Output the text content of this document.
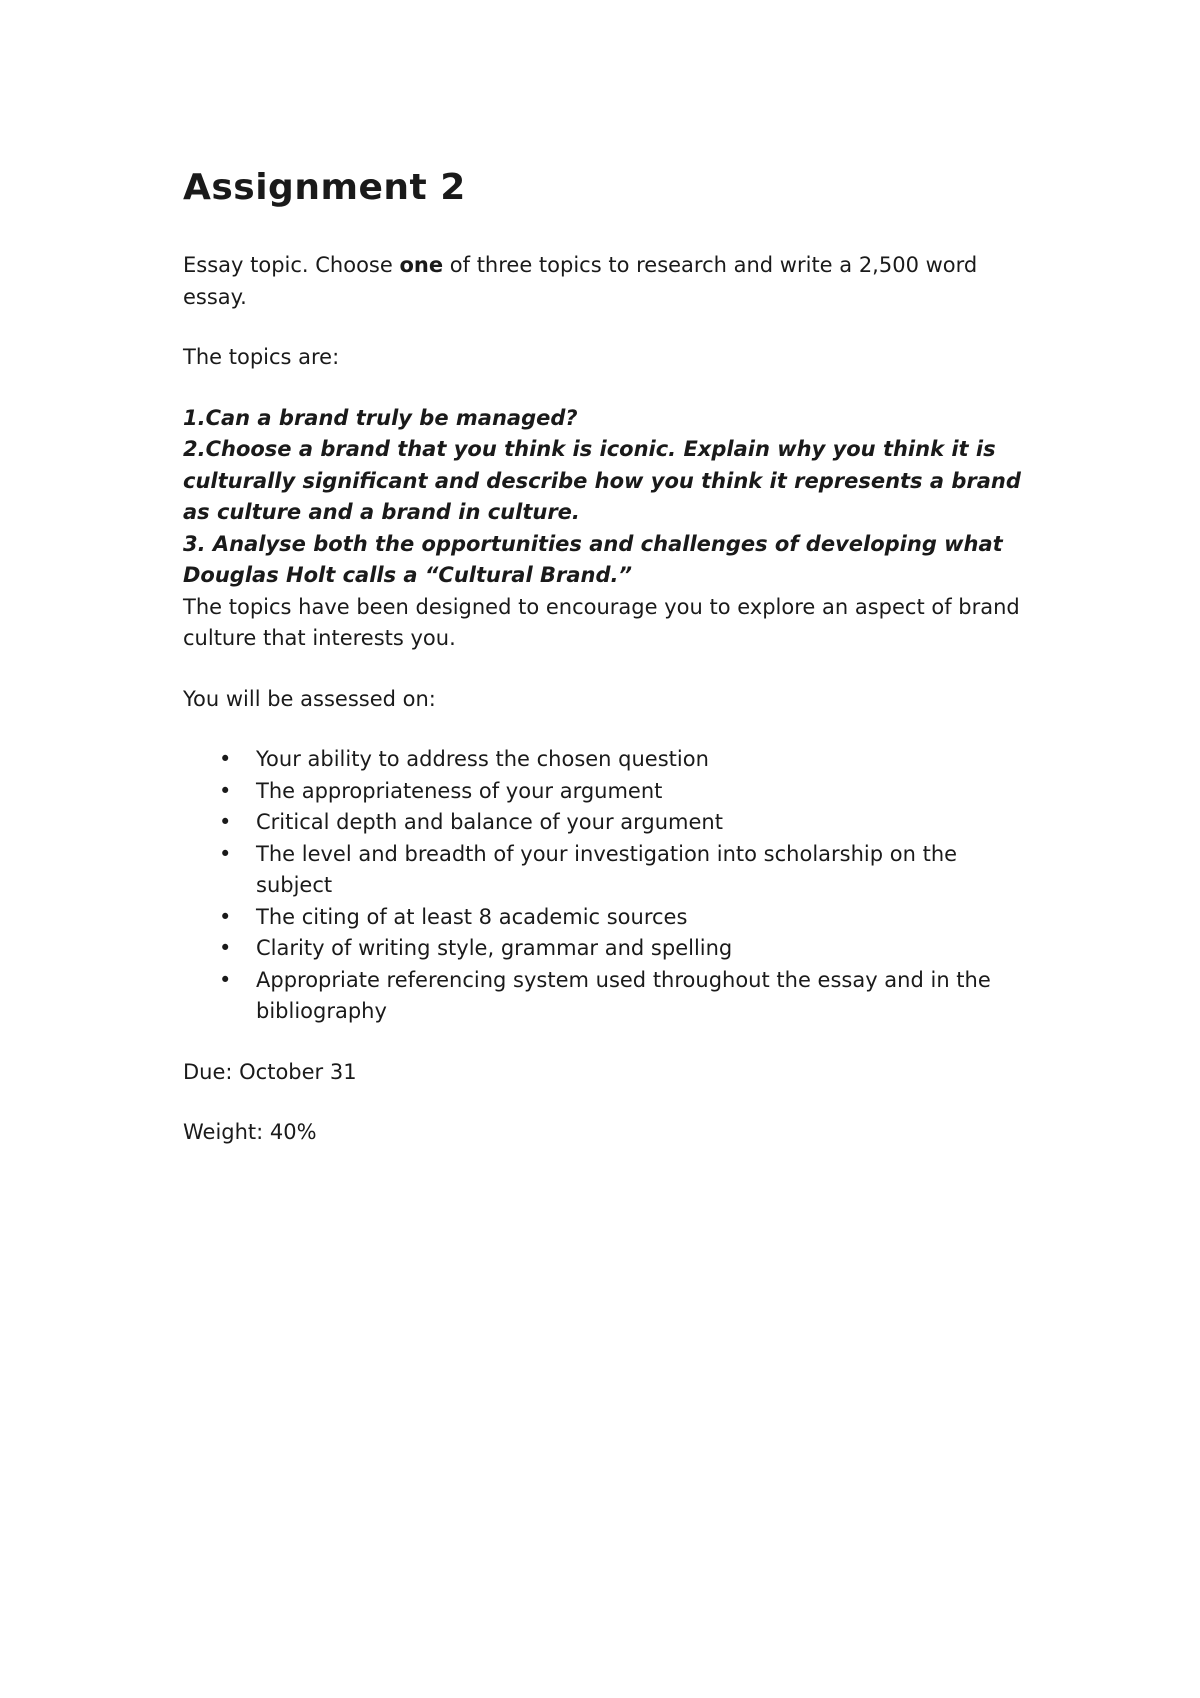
Assignment 2

Essay topic. Choose one of three topics to research and write a 2,500 word essay.

The topics are:

1.Can a brand truly be managed?

2.Choose a brand that you think is iconic. Explain why you think it is culturally significant and describe how you think it represents a brand as culture and a brand in culture.

3. Analyse both the opportunities and challenges of developing what Douglas Holt calls a “Cultural Brand.”

The topics have been designed to encourage you to explore an aspect of brand culture that interests you.

You will be assessed on:

• Your ability to address the chosen question
• The appropriateness of your argument
• Critical depth and balance of your argument
• The level and breadth of your investigation into scholarship on the subject
• The citing of at least 8 academic sources
• Clarity of writing style, grammar and spelling
• Appropriate referencing system used throughout the essay and in the bibliography

Due: October 31

Weight: 40%
